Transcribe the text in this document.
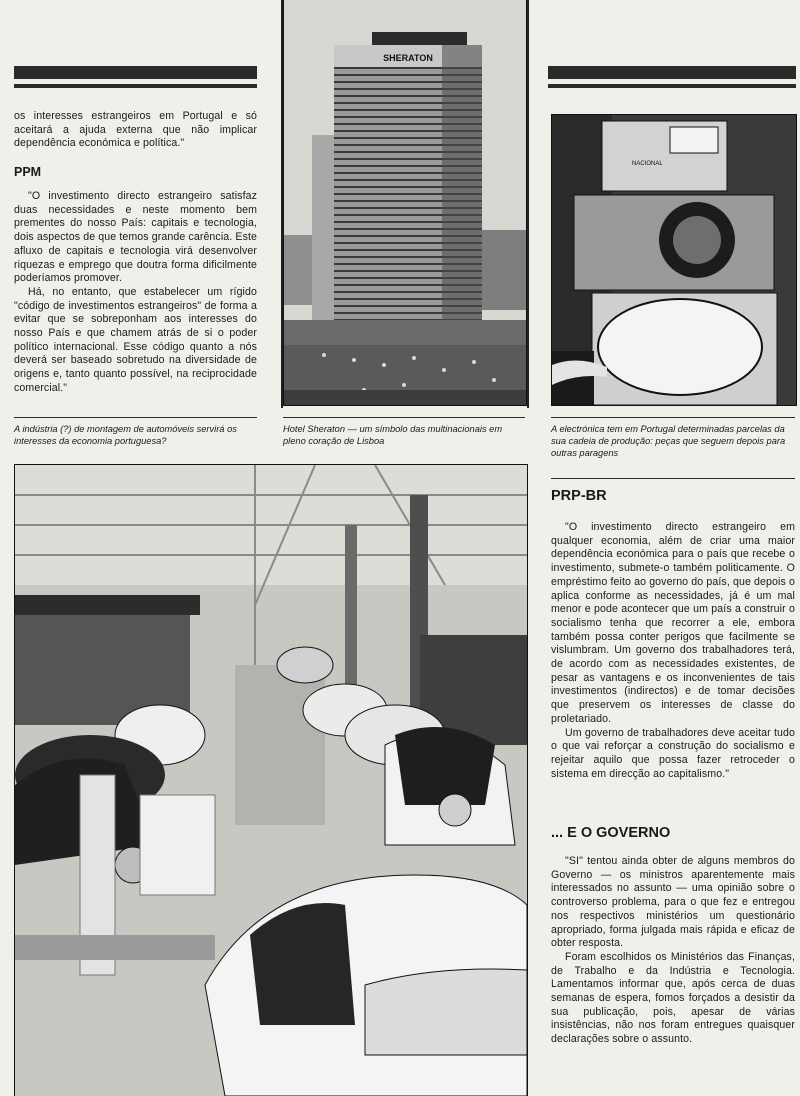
os interesses estrangeiros em Portugal e só aceitará a ajuda externa que não implicar dependência económica e política."

PPM

"O investimento directo estrangeiro satisfaz duas necessidades e neste momento bem prementes do nosso País: capitais e tecnologia, dois aspectos de que temos grande carência. Este afluxo de capitais e tecnologia virá desenvolver riquezas e emprego que doutra forma dificilmente poderíamos promover.

Há, no entanto, que estabelecer um rígido "código de investimentos estrangeiros" de forma a evitar que se sobreponham aos interesses do nosso País e que chamem atrás de si o poder político internacional. Esse código quanto a nós deverá ser baseado sobretudo na diversidade de origens e, tanto quanto possível, na reciprocidade comercial."

SHERATON
NACIONAL
A indústria (?) de montagem de automóveis servirá os interesses da economia portuguesa?
Hotel Sheraton — um símbolo das multinacionais em pleno coração de Lisboa
A electrónica tem em Portugal determinadas parcelas da sua cadeia de produção: peças que seguem depois para outras paragens
PRP-BR

"O investimento directo estrangeiro em qualquer economia, além de criar uma maior dependência económica para o país que recebe o investimento, submete-o também politicamente. O empréstimo feito ao governo do país, que depois o aplica conforme as necessidades, já é um mal menor e pode acontecer que um país a construir o socialismo tenha que recorrer a ele, embora também possa conter perigos que facilmente se vislumbram. Um governo dos trabalhadores terá, de acordo com as necessidades existentes, de pesar as vantagens e os inconvenientes de tais investimentos (indirectos) e de tomar decisões que preservem os interesses de classe do proletariado.

Um governo de trabalhadores deve aceitar tudo o que vai reforçar a construção do socialismo e rejeitar aquilo que possa fazer retroceder o sistema em direcção ao capitalismo."

... E O GOVERNO

"SI" tentou ainda obter de alguns membros do Governo — os ministros aparentemente mais interessados no assunto — uma opinião sobre o controverso problema, para o que fez e entregou nos respectivos ministérios um questionário apropriado, forma julgada mais rápida e eficaz de obter resposta.

Foram escolhidos os Ministérios das Finanças, de Trabalho e da Indústria e Tecnologia. Lamentamos informar que, após cerca de duas semanas de espera, fomos forçados a desistir da sua publicação, pois, apesar de várias insistências, não nos foram entregues quaisquer declarações sobre o assunto.
